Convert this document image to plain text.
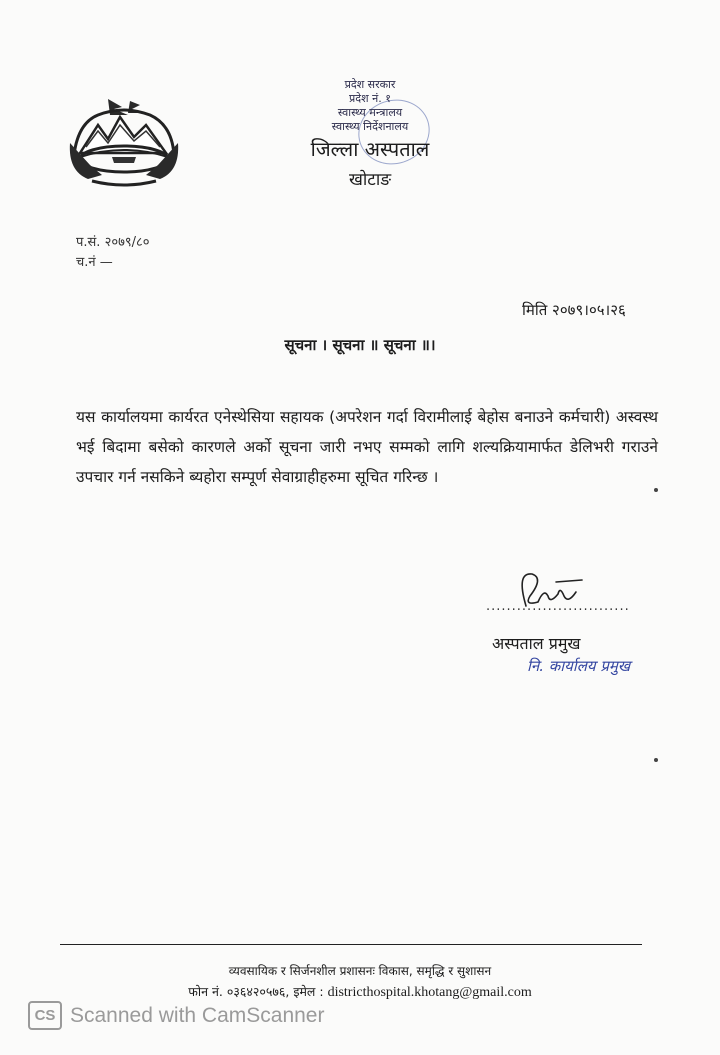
प्रदेश सरकार
प्रदेश नं. १
स्वास्थ्य मन्त्रालय
स्वास्थ्य निर्देशनालय
जिल्ला अस्पताल
खोटाङ
प.सं. २०७९/८०
च.नं —
मिति २०७९।०५।२६
सूचना । सूचना ॥ सूचना ॥।
यस कार्यालयमा कार्यरत एनेस्थेसिया सहायक (अपरेशन गर्दा विरामीलाई बेहोस बनाउने कर्मचारी) अस्वस्थ भई बिदामा बसेको कारणले अर्को सूचना जारी नभए सम्मको लागि शल्यक्रियामार्फत डेलिभरी गराउने उपचार गर्न नसकिने ब्यहोरा सम्पूर्ण सेवाग्राहीहरुमा सूचित गरिन्छ ।
............................
अस्पताल प्रमुख
नि. कार्यालय प्रमुख
व्यवसायिक र सिर्जनशील प्रशासनः विकास, समृद्धि र सुशासन
फोन नं. ०३६४२०५७६, इमेल : districthospital.khotang@gmail.com
CS Scanned with CamScanner
